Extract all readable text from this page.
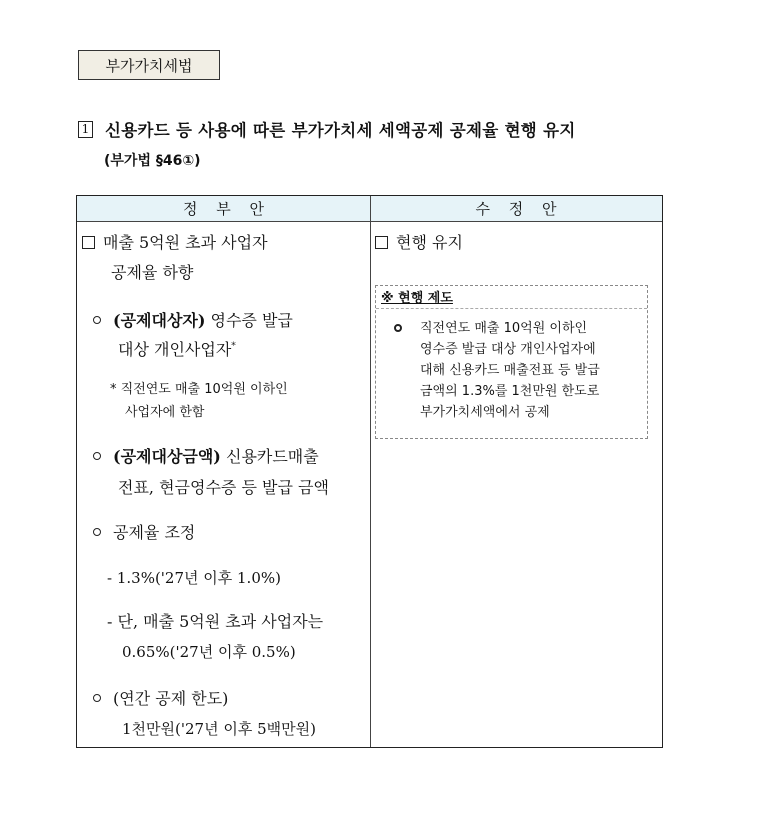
부가가치세법
1 신용카드 등 사용에 따른 부가가치세 세액공제 공제율 현행 유지
(부가법 §46①)
정 부 안	수 정 안
매출 5억원 초과 사업자
공제율 하향
(공제대상자) 영수증 발급
대상 개인사업자*
* 직전연도 매출 10억원 이하인
사업자에 한함
(공제대상금액) 신용카드매출
전표, 현금영수증 등 발급 금액
공제율 조정
- 1.3%('27년 이후 1.0%)
- 단, 매출 5억원 초과 사업자는
0.65%('27년 이후 0.5%)
(연간 공제 한도)
1천만원('27년 이후 5백만원)
현행 유지
※ 현행 제도
직전연도 매출 10억원 이하인
영수증 발급 대상 개인사업자에
대해 신용카드 매출전표 등 발급
금액의 1.3%를 1천만원 한도로
부가가치세액에서 공제
